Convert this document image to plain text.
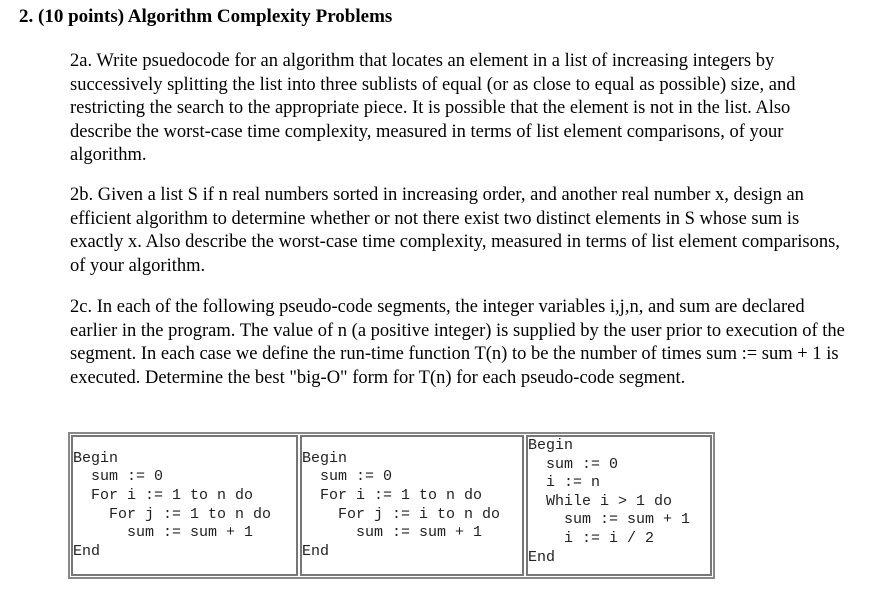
2. (10 points) Algorithm Complexity Problems
2a. Write psuedocode for an algorithm that locates an element in a list of increasing integers by successively splitting the list into three sublists of equal (or as close to equal as possible) size, and restricting the search to the appropriate piece. It is possible that the element is not in the list. Also describe the worst-case time complexity, measured in terms of list element comparisons, of your algorithm.
2b. Given a list S if n real numbers sorted in increasing order, and another real number x, design an efficient algorithm to determine whether or not there exist two distinct elements in S whose sum is exactly x. Also describe the worst-case time complexity, measured in terms of list element comparisons, of your algorithm.
2c. In each of the following pseudo-code segments, the integer variables i,j,n, and sum are declared earlier in the program. The value of n (a positive integer) is supplied by the user prior to execution of the segment. In each case we define the run-time function T(n) to be the number of times sum := sum + 1 is executed. Determine the best "big-O" form for T(n) for each pseudo-code segment.
Begin
sum := 0
For i := 1 to n do
For j := 1 to n do
sum := sum + 1
End
Begin
sum := 0
For i := 1 to n do
For j := i to n do
sum := sum + 1
End
Begin
sum := 0
i := n
While i > 1 do
sum := sum + 1
i := i / 2
End
